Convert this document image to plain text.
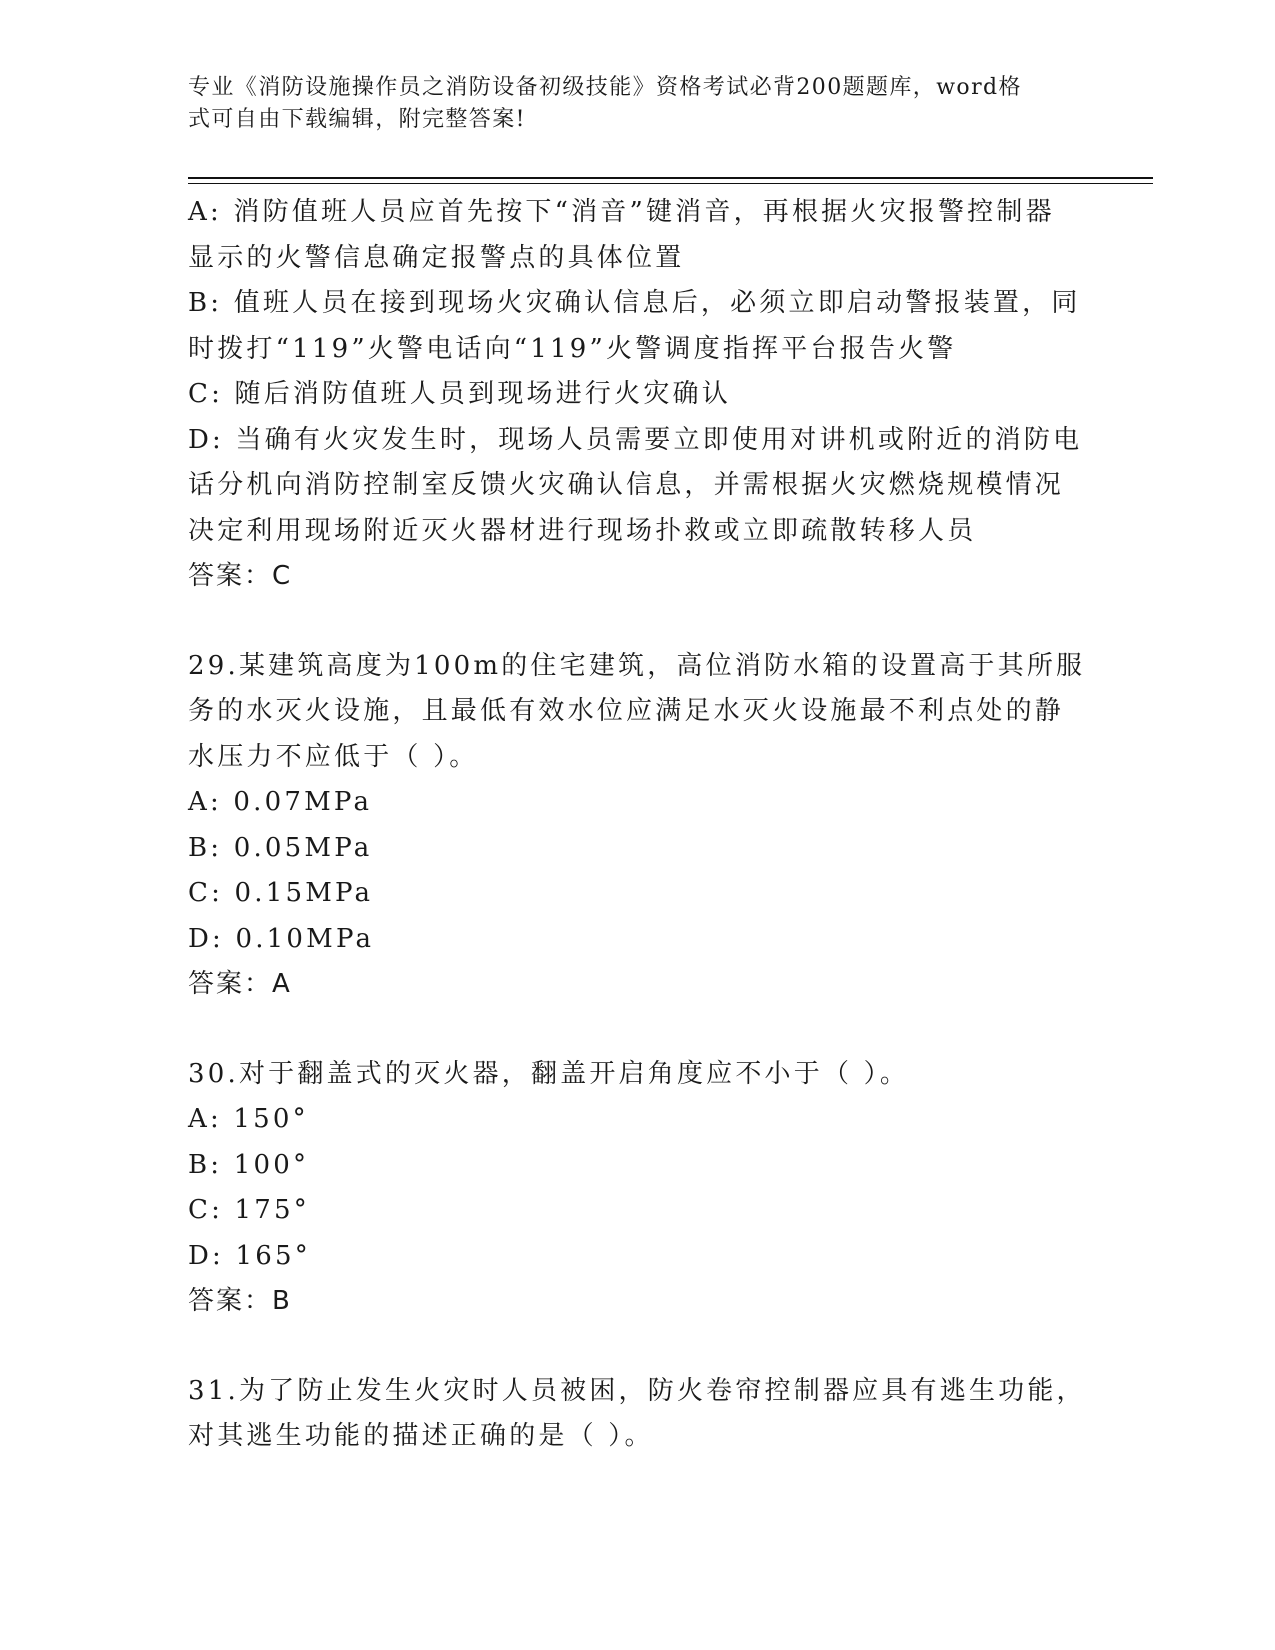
专业《消防设施操作员之消防设备初级技能》资格考试必背200题题库，word格
式可自由下载编辑，附完整答案!
A: 消防值班人员应首先按下“消音”键消音，再根据火灾报警控制器
显示的火警信息确定报警点的具体位置
B: 值班人员在接到现场火灾确认信息后，必须立即启动警报装置，同
时拨打“119”火警电话向“119”火警调度指挥平台报告火警
C: 随后消防值班人员到现场进行火灾确认
D: 当确有火灾发生时，现场人员需要立即使用对讲机或附近的消防电
话分机向消防控制室反馈火灾确认信息，并需根据火灾燃烧规模情况
决定利用现场附近灭火器材进行现场扑救或立即疏散转移人员
答案：C
29.某建筑高度为100m的住宅建筑，高位消防水箱的设置高于其所服
务的水灭火设施，且最低有效水位应满足水灭火设施最不利点处的静
水压力不应低于（ ）。
A: 0.07MPa
B: 0.05MPa
C: 0.15MPa
D: 0.10MPa
答案：A
30.对于翻盖式的灭火器，翻盖开启角度应不小于（ ）。
A: 150°
B: 100°
C: 175°
D: 165°
答案：B
31.为了防止发生火灾时人员被困，防火卷帘控制器应具有逃生功能，
对其逃生功能的描述正确的是（ ）。
